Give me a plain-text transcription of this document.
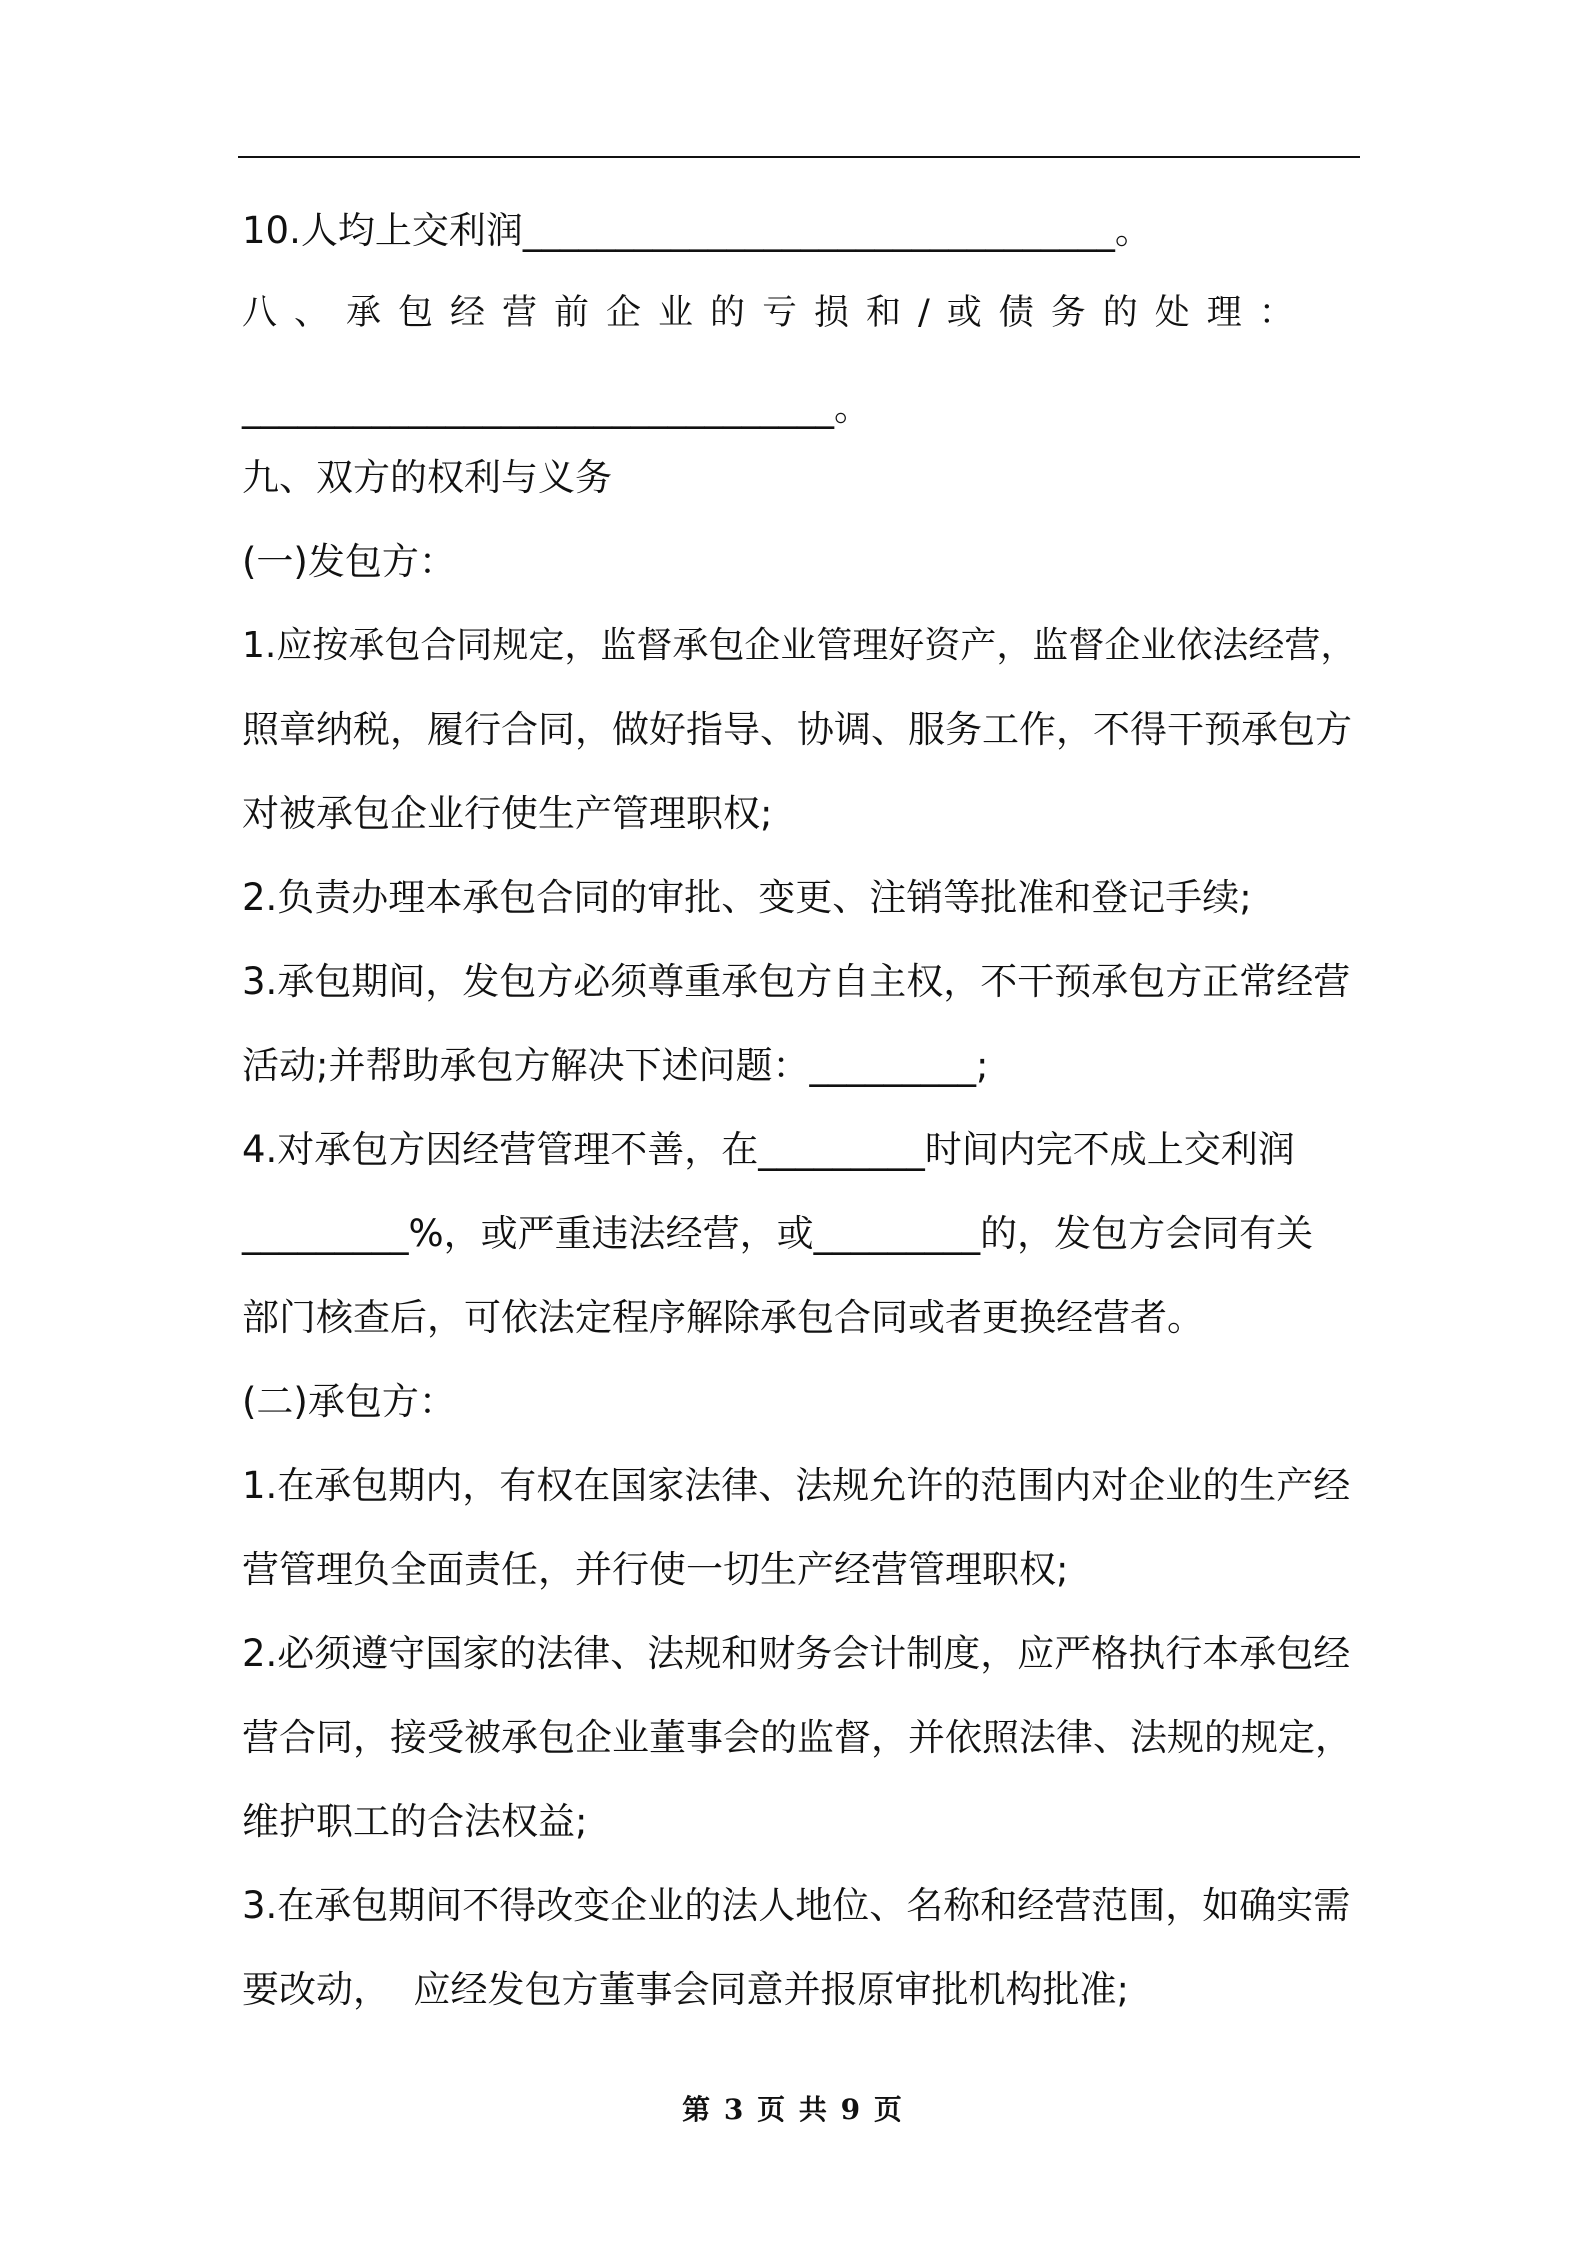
10.人均上交利润________________________________。
八、承包经营前企业的亏损和/或债务的处理：
________________________________。
九、双方的权利与义务
(一)发包方：
1.应按承包合同规定，监督承包企业管理好资产，监督企业依法经营，
照章纳税，履行合同，做好指导、协调、服务工作，不得干预承包方
对被承包企业行使生产管理职权;
2.负责办理本承包合同的审批、变更、注销等批准和登记手续;
3.承包期间，发包方必须尊重承包方自主权，不干预承包方正常经营
活动;并帮助承包方解决下述问题：_________;
4.对承包方因经营管理不善，在_________时间内完不成上交利润
_________%，或严重违法经营，或_________的，发包方会同有关
部门核查后，可依法定程序解除承包合同或者更换经营者。
(二)承包方：
1.在承包期内，有权在国家法律、法规允许的范围内对企业的生产经
营管理负全面责任，并行使一切生产经营管理职权;
2.必须遵守国家的法律、法规和财务会计制度，应严格执行本承包经
营合同，接受被承包企业董事会的监督，并依照法律、法规的规定，
维护职工的合法权益;
3.在承包期间不得改变企业的法人地位、名称和经营范围，如确实需
要改动，  应经发包方董事会同意并报原审批机构批准;
第 3 页 共 9 页
